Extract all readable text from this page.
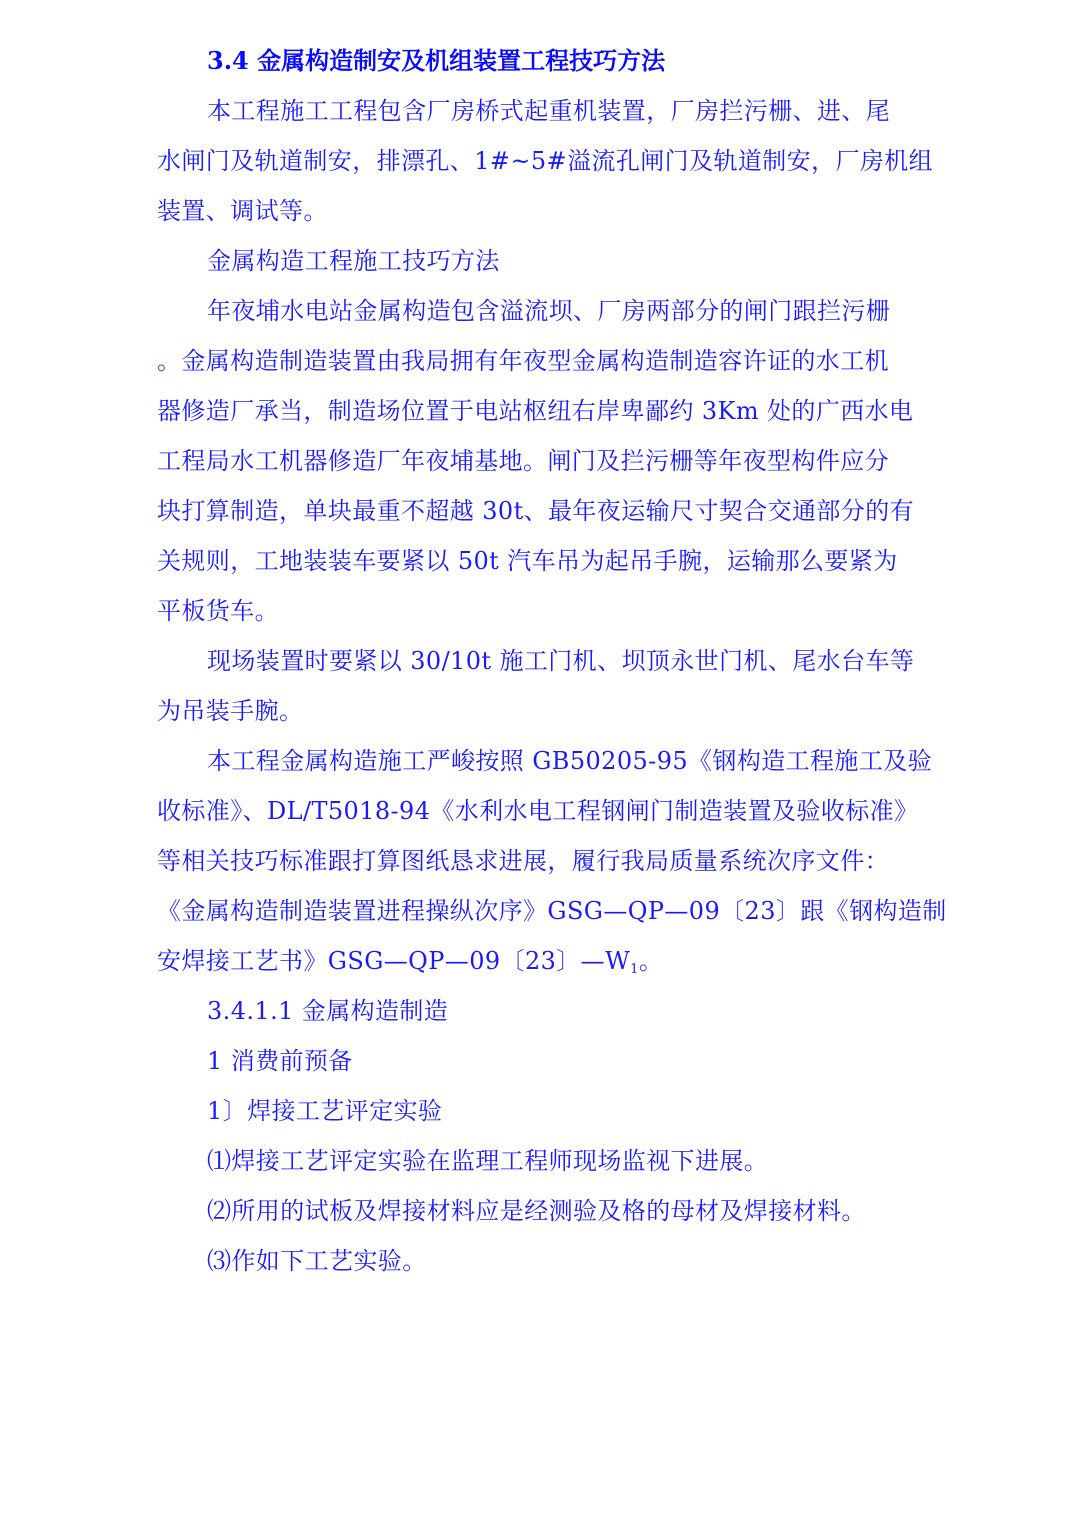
3.4 金属构造制安及机组装置工程技巧方法
本工程施工工程包含厂房桥式起重机装置，厂房拦污栅、进、尾
水闸门及轨道制安，排漂孔、1#~5#溢流孔闸门及轨道制安，厂房机组
装置、调试等。
金属构造工程施工技巧方法
年夜埔水电站金属构造包含溢流坝、厂房两部分的闸门跟拦污栅
。金属构造制造装置由我局拥有年夜型金属构造制造容许证的水工机
器修造厂承当，制造场位置于电站枢纽右岸卑鄙约 3Km 处的广西水电
工程局水工机器修造厂年夜埔基地。闸门及拦污栅等年夜型构件应分
块打算制造，单块最重不超越 30t、最年夜运输尺寸契合交通部分的有
关规则，工地装装车要紧以 50t 汽车吊为起吊手腕，运输那么要紧为
平板货车。
现场装置时要紧以 30/10t 施工门机、坝顶永世门机、尾水台车等
为吊装手腕。
本工程金属构造施工严峻按照 GB50205-95《钢构造工程施工及验
收标准》、DL/T5018-94《水利水电工程钢闸门制造装置及验收标准》
等相关技巧标准跟打算图纸恳求进展，履行我局质量系统次序文件：
《金属构造制造装置进程操纵次序》GSG—QP—09〔23〕跟《钢构造制
安焊接工艺书》GSG—QP—09〔23〕$—W_1$。
3.4.1.1 金属构造制造
1 消费前预备
1〕焊接工艺评定实验
⑴焊接工艺评定实验在监理工程师现场监视下进展。
⑵所用的试板及焊接材料应是经测验及格的母材及焊接材料。
⑶作如下工艺实验。
